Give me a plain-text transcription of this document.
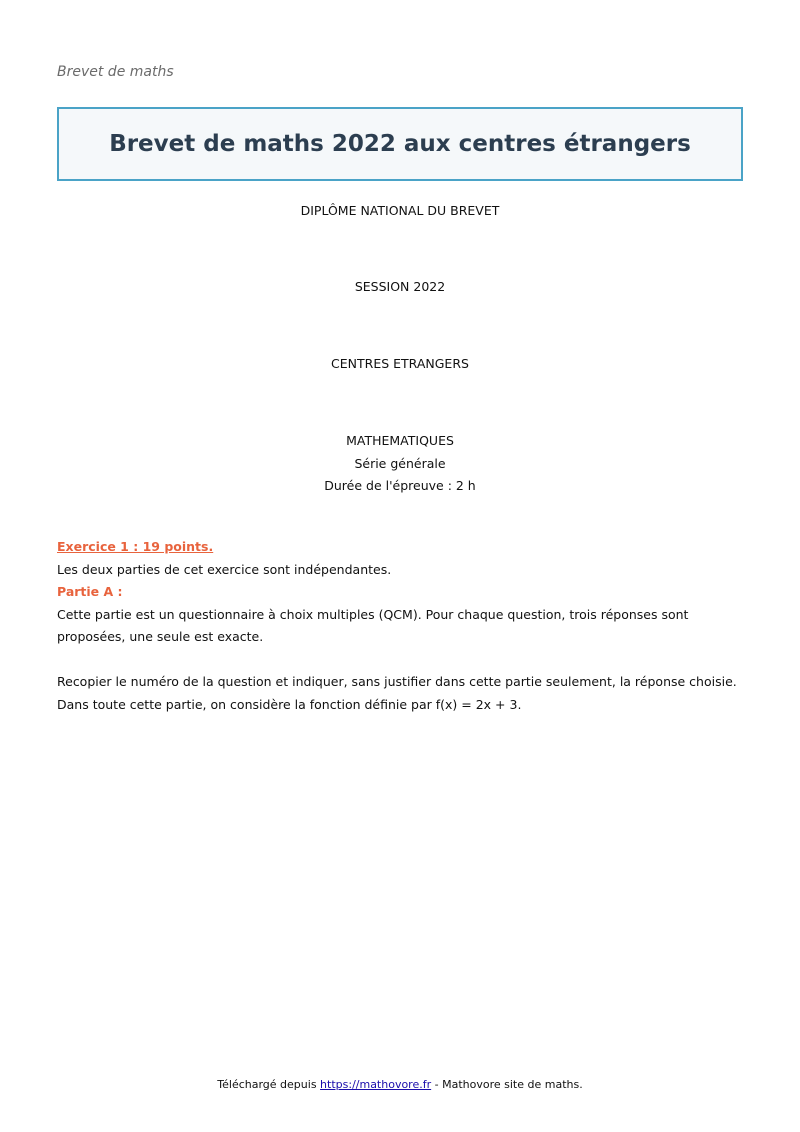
Brevet de maths
Brevet de maths 2022 aux centres étrangers
DIPLÔME NATIONAL DU BREVET
SESSION 2022
CENTRES ETRANGERS
MATHEMATIQUES
Série générale
Durée de l'épreuve : 2 h
Exercice 1 : 19 points.

Les deux parties de cet exercice sont indépendantes.

Partie A :

Cette partie est un questionnaire à choix multiples (QCM). Pour chaque question, trois réponses sont proposées, une seule est exacte.

Recopier le numéro de la question et indiquer, sans justifier dans cette partie seulement, la réponse choisie.

Dans toute cette partie, on considère la fonction définie par f(x) = 2x + 3.

Téléchargé depuis https://mathovore.fr - Mathovore site de maths.
